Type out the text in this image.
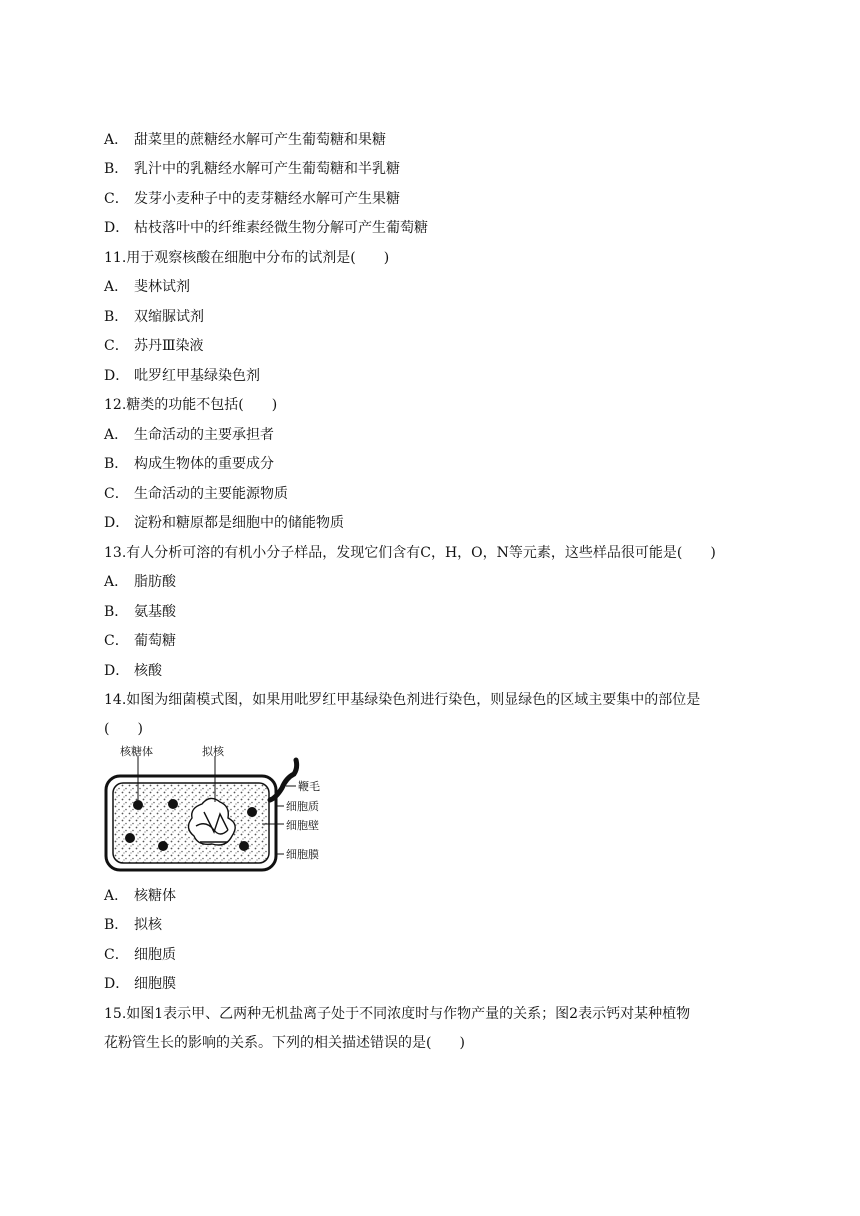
A． 甜菜里的蔗糖经水解可产生葡萄糖和果糖
B． 乳汁中的乳糖经水解可产生葡萄糖和半乳糖
C． 发芽小麦种子中的麦芽糖经水解可产生果糖
D． 枯枝落叶中的纤维素经微生物分解可产生葡萄糖
11.用于观察核酸在细胞中分布的试剂是(　　)
A． 斐林试剂
B． 双缩脲试剂
C． 苏丹Ⅲ染液
D． 吡罗红甲基绿染色剂
12.糖类的功能不包括(　　)
A． 生命活动的主要承担者
B． 构成生物体的重要成分
C． 生命活动的主要能源物质
D． 淀粉和糖原都是细胞中的储能物质
13.有人分析可溶的有机小分子样品，发现它们含有C，H，O，N等元素，这些样品很可能是(　　)
A． 脂肪酸
B． 氨基酸
C． 葡萄糖
D． 核酸
14.如图为细菌模式图，如果用吡罗红甲基绿染色剂进行染色，则显绿色的区域主要集中的部位是
(　　)
核糖体	拟核
鞭毛
细胞质
细胞壁
细胞膜
A． 核糖体
B． 拟核
C． 细胞质
D． 细胞膜
15.如图1表示甲、乙两种无机盐离子处于不同浓度时与作物产量的关系；图2表示钙对某种植物
花粉管生长的影响的关系。下列的相关描述错误的是(　　)
